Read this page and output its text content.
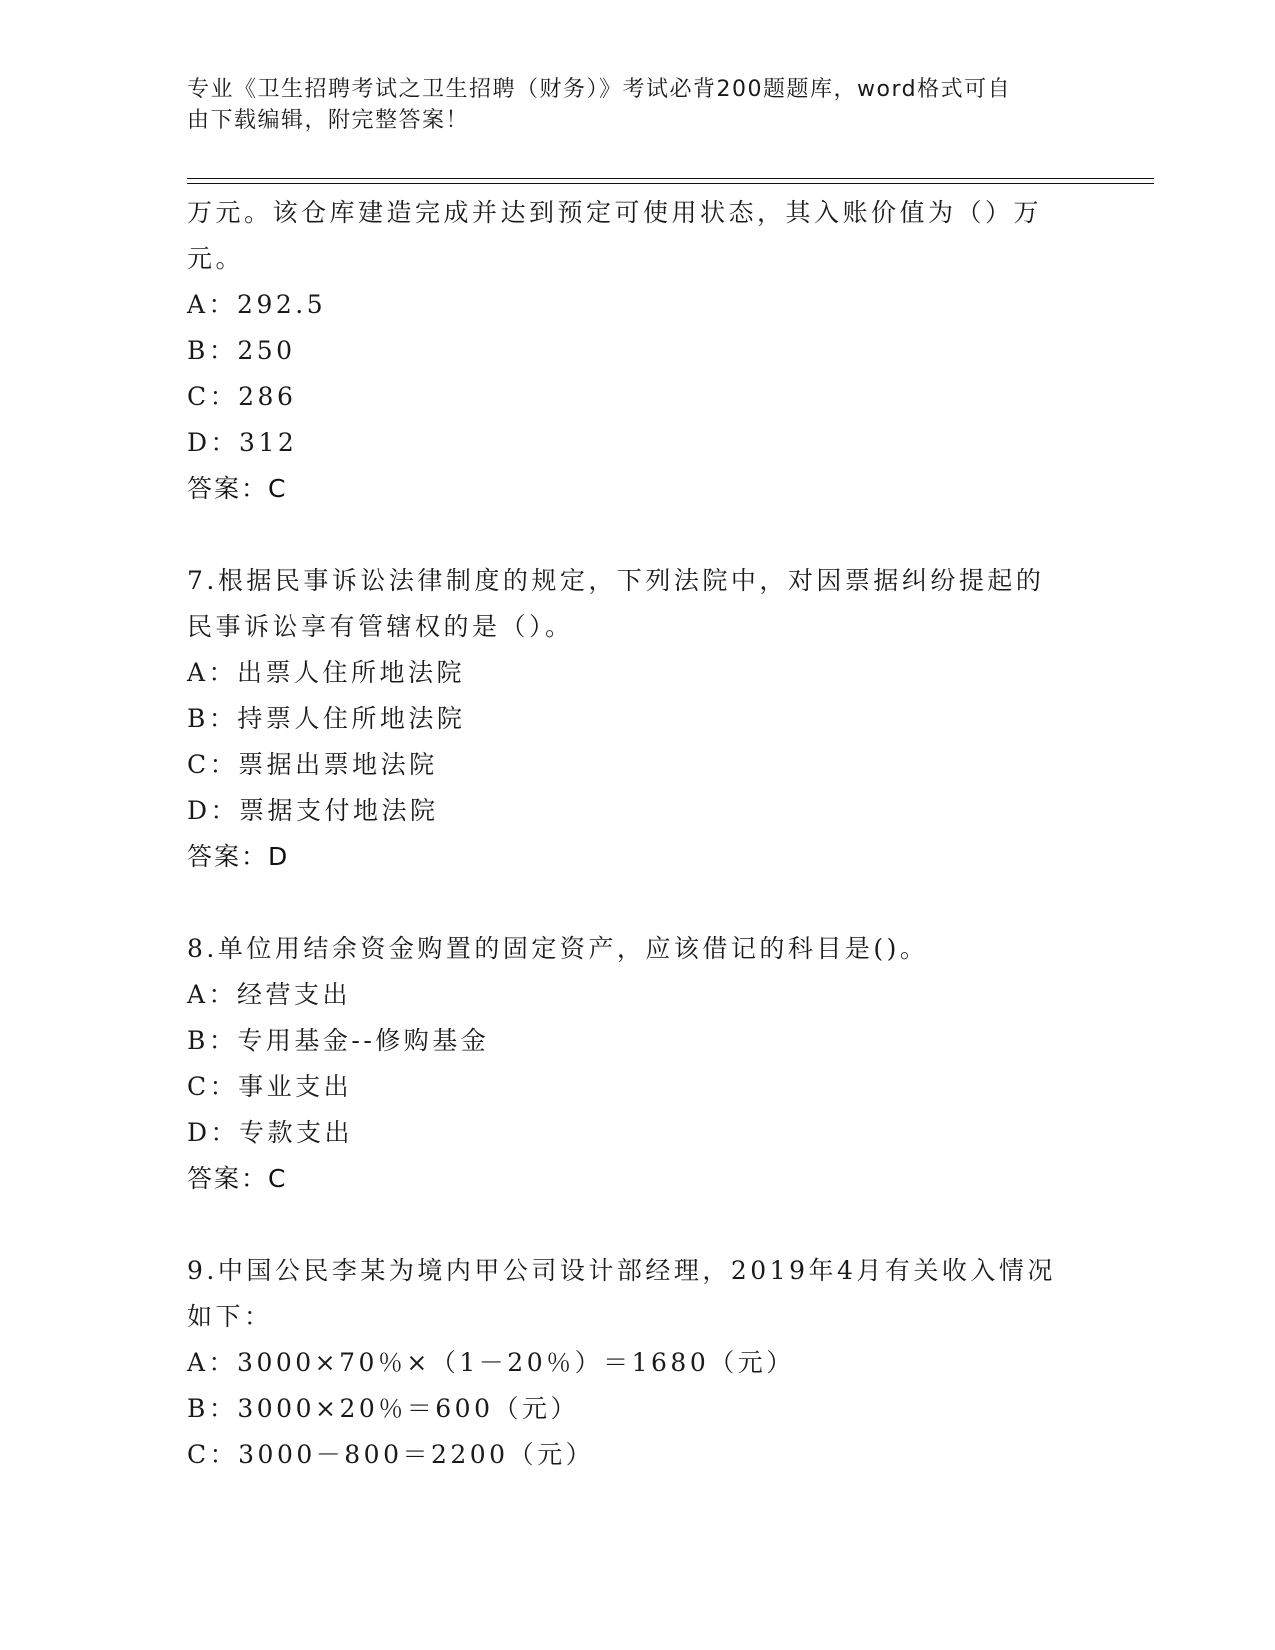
专业《卫生招聘考试之卫生招聘（财务）》考试必背200题题库，word格式可自
由下载编辑，附完整答案！
万元。该仓库建造完成并达到预定可使用状态，其入账价值为（）万
元。
A：292.5
B：250
C：286
D：312
答案：C
7.根据民事诉讼法律制度的规定，下列法院中，对因票据纠纷提起的
民事诉讼享有管辖权的是（）。
A：出票人住所地法院
B：持票人住所地法院
C：票据出票地法院
D：票据支付地法院
答案：D
8.单位用结余资金购置的固定资产，应该借记的科目是()。
A：经营支出
B：专用基金--修购基金
C：事业支出
D：专款支出
答案：C
9.中国公民李某为境内甲公司设计部经理，2019年4月有关收入情况
如下：
A：3000×70％×（1－20％）＝1680（元）
B：3000×20％＝600（元）
C：3000－800＝2200（元）
